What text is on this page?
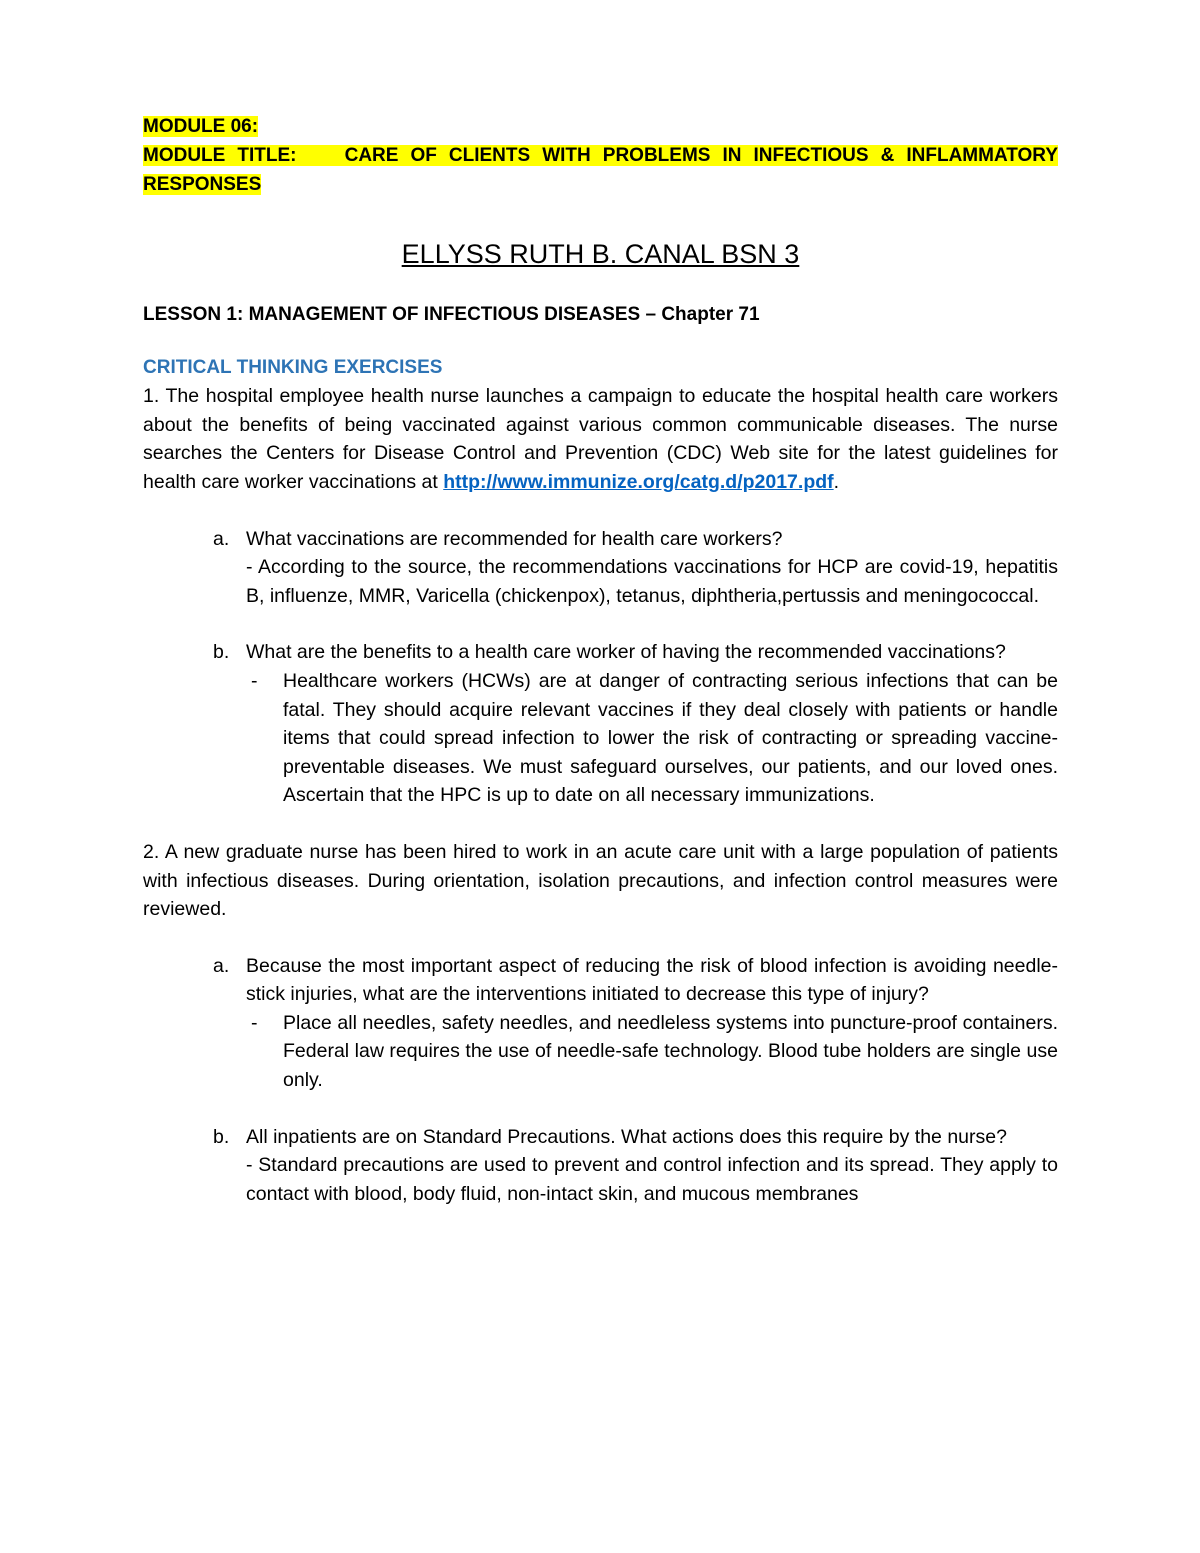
MODULE 06:
MODULE TITLE:	CARE OF CLIENTS WITH PROBLEMS IN INFECTIOUS & INFLAMMATORY RESPONSES

ELLYSS RUTH B. CANAL BSN 3

LESSON 1: MANAGEMENT OF INFECTIOUS DISEASES – Chapter 71

CRITICAL THINKING EXERCISES

1. The hospital employee health nurse launches a campaign to educate the hospital health care workers about the benefits of being vaccinated against various common communicable diseases. The nurse searches the Centers for Disease Control and Prevention (CDC) Web site for the latest guidelines for health care worker vaccinations at http://www.immunize.org/catg.d/p2017.pdf.

a. What vaccinations are recommended for health care workers?

- According to the source, the recommendations vaccinations for HCP are covid-19, hepatitis B, influenze, MMR, Varicella (chickenpox), tetanus, diphtheria,pertussis and meningococcal.

b. What are the benefits to a health care worker of having the recommended vaccinations?

- Healthcare workers (HCWs) are at danger of contracting serious infections that can be fatal. They should acquire relevant vaccines if they deal closely with patients or handle items that could spread infection to lower the risk of contracting or spreading vaccine-preventable diseases. We must safeguard ourselves, our patients, and our loved ones. Ascertain that the HPC is up to date on all necessary immunizations.

2. A new graduate nurse has been hired to work in an acute care unit with a large population of patients with infectious diseases. During orientation, isolation precautions, and infection control measures were reviewed.

a. Because the most important aspect of reducing the risk of blood infection is avoiding needle-stick injuries, what are the interventions initiated to decrease this type of injury?

- Place all needles, safety needles, and needleless systems into puncture-proof containers. Federal law requires the use of needle-safe technology. Blood tube holders are single use only.

b. All inpatients are on Standard Precautions. What actions does this require by the nurse?

- Standard precautions are used to prevent and control infection and its spread. They apply to contact with blood, body fluid, non-intact skin, and mucous membranes
